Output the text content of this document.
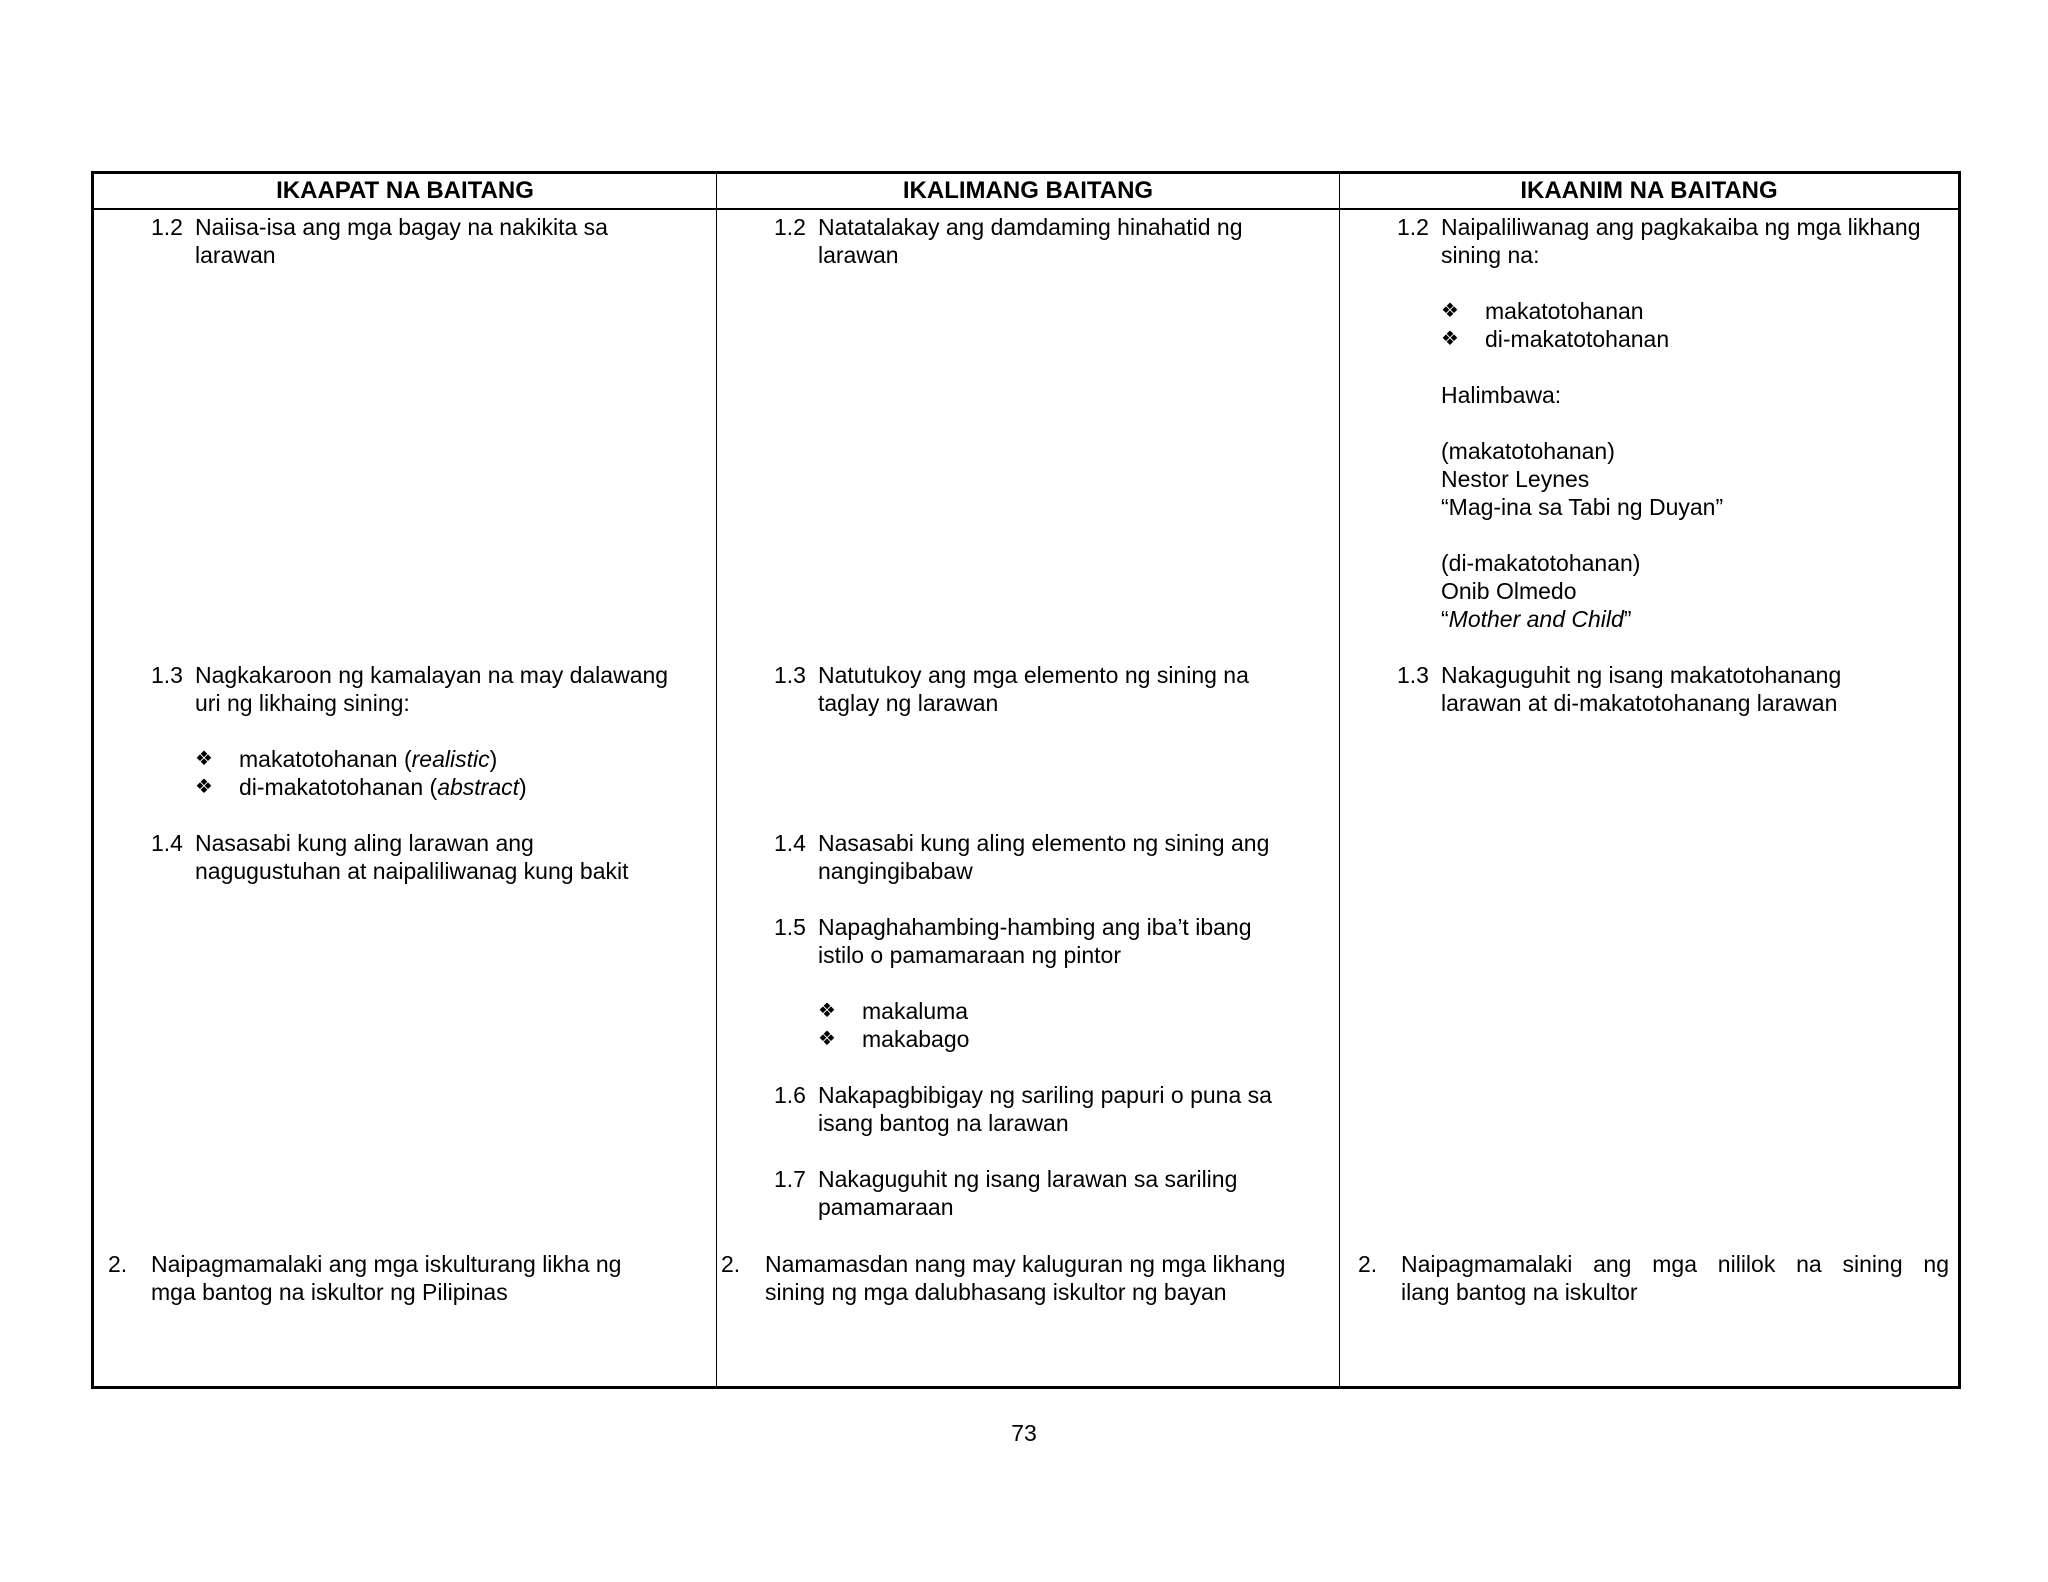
IKAAPAT NA BAITANG	IKALIMANG BAITANG	IKAANIM NA BAITANG
1.2 Naiisa-isa ang mga bagay na nakikita sa
larawan
1.3 Nagkakaroon ng kamalayan na may dalawang
uri ng likhaing sining:
❖ makatotohanan (realistic)
❖ di-makatotohanan (abstract)
1.4 Nasasabi kung aling larawan ang
nagugustuhan at naipaliliwanag kung bakit
2. Naipagmamalaki ang mga iskulturang likha ng
mga bantog na iskultor ng Pilipinas
1.2 Natatalakay ang damdaming hinahatid ng
larawan
1.3 Natutukoy ang mga elemento ng sining na
taglay ng larawan
1.4 Nasasabi kung aling elemento ng sining ang
nangingibabaw
1.5 Napaghahambing-hambing ang iba’t ibang
istilo o pamamaraan ng pintor
❖ makaluma
❖ makabago
1.6 Nakapagbibigay ng sariling papuri o puna sa
isang bantog na larawan
1.7 Nakaguguhit ng isang larawan sa sariling
pamamaraan
2. Namamasdan nang may kaluguran ng mga likhang
sining ng mga dalubhasang iskultor ng bayan
1.2 Naipaliliwanag ang pagkakaiba ng mga likhang
sining na:
❖ makatotohanan
❖ di-makatotohanan
Halimbawa:
(makatotohanan)
Nestor Leynes
“Mag-ina sa Tabi ng Duyan”
(di-makatotohanan)
Onib Olmedo
“Mother and Child”
1.3 Nakaguguhit ng isang makatotohanang
larawan at di-makatotohanang larawan
2. Naipagmamalaki ang mga nililok na sining ng
ilang bantog na iskultor
73
